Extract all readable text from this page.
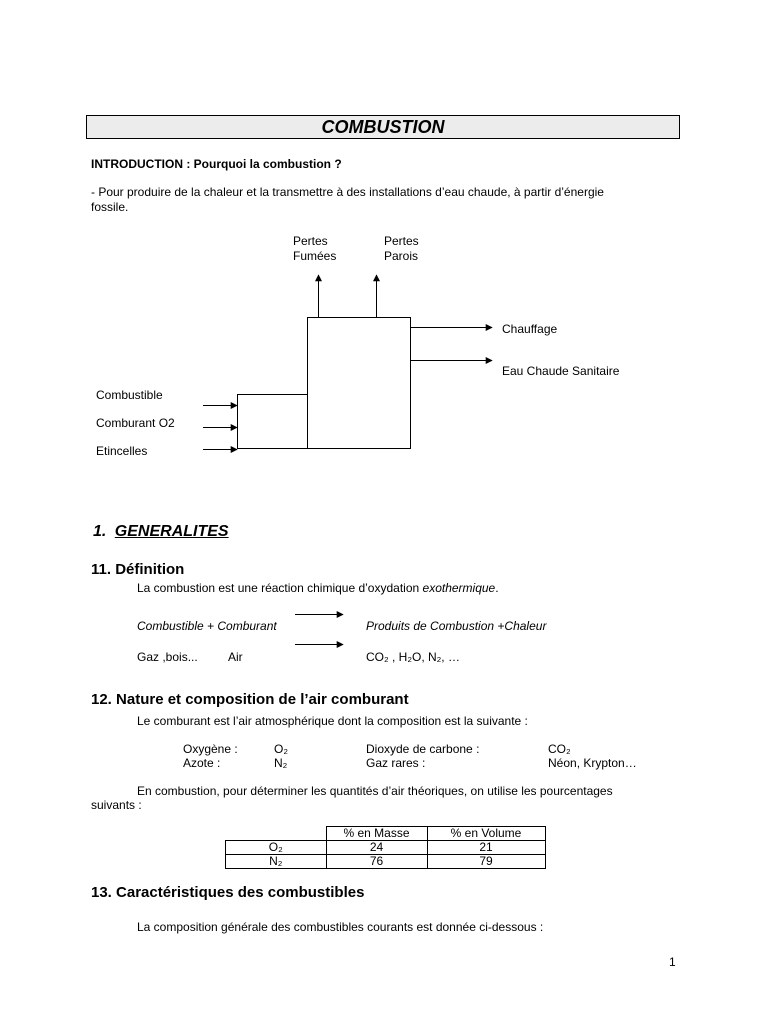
COMBUSTION
INTRODUCTION : Pourquoi la combustion ?
- Pour produire de la chaleur et la transmettre à des installations d’eau chaude, à partir d’énergie
fossile.
Pertes
Fumées
Pertes
Parois
Chauffage
Eau Chaude Sanitaire
Combustible
Comburant O2
Etincelles
1. GENERALITES
11. Définition
La combustion est une réaction chimique d’oxydation exothermique.
Combustible + Comburant	Produits de Combustion +Chaleur
Gaz ,bois...	Air	CO₂ , H₂O, N₂, …
12. Nature et composition de l’air comburant
Le comburant est l’air atmosphérique dont la composition est la suivante :
Oxygène :	O₂	Dioxyde de carbone :	CO₂
Azote :	N₂	Gaz rares :	Néon, Krypton…
En combustion, pour déterminer les quantités d’air théoriques, on utilise les pourcentages
suivants :
	% en Masse	% en Volume
O₂	24	21
N₂	76	79
13. Caractéristiques des combustibles
La composition générale des combustibles courants est donnée ci-dessous :
1
